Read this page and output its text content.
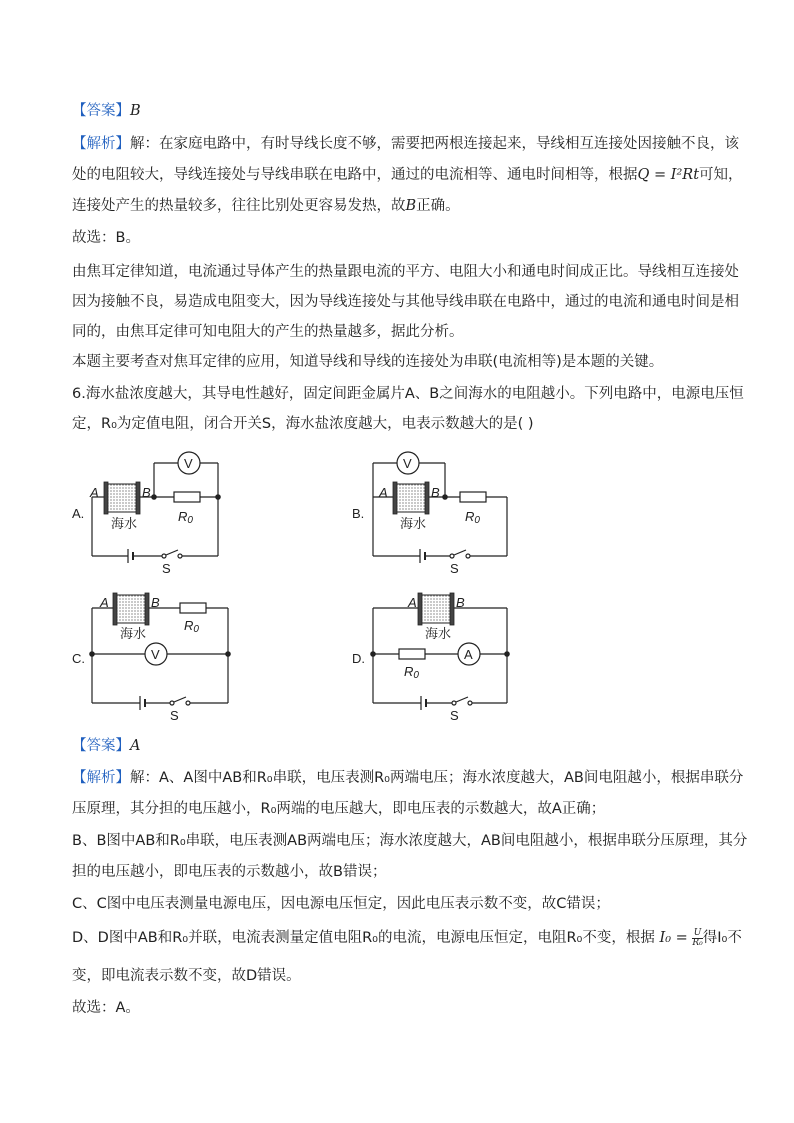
【答案】B
【解析】解：在家庭电路中，有时导线长度不够，需要把两根连接起来，导线相互连接处因接触不良，该
处的电阻较大，导线连接处与导线串联在电路中，通过的电流相等、通电时间相等，根据Q = I²Rt可知，
连接处产生的热量较多，往往比别处更容易发热，故B正确。
故选：B。
由焦耳定律知道，电流通过导体产生的热量跟电流的平方、电阻大小和通电时间成正比。导线相互连接处
因为接触不良，易造成电阻变大，因为导线连接处与其他导线串联在电路中，通过的电流和通电时间是相
同的，由焦耳定律可知电阻大的产生的热量越多，据此分析。
本题主要考查对焦耳定律的应用，知道导线和导线的连接处为串联(电流相等)是本题的关键。
6.海水盐浓度越大，其导电性越好，固定间距金属片A、B之间海水的电阻越小。下列电路中，电源电压恒
定，R₀为定值电阻，闭合开关S，海水盐浓度越大，电表示数越大的是( )
A.	B.
C.	D.
A	B
海水	R0
S
V
A	B
海水	R0
S
V
A	B
海水
R0
S
V
A	B
海水
R0
S
A
【答案】A
【解析】解：A、A图中AB和R₀串联，电压表测R₀两端电压；海水浓度越大，AB间电阻越小，根据串联分
压原理，其分担的电压越小，R₀两端的电压越大，即电压表的示数越大，故A正确；
B、B图中AB和R₀串联，电压表测AB两端电压；海水浓度越大，AB间电阻越小，根据串联分压原理，其分
担的电压越小，即电压表的示数越小，故B错误；
C、C图中电压表测量电源电压，因电源电压恒定，因此电压表示数不变，故C错误；
D、D图中AB和R₀并联，电流表测量定值电阻R₀的电流，电源电压恒定，电阻R₀不变，根据 $I_0 = \frac{U}{\text{R₀}}$ 得I₀不
变，即电流表示数不变，故D错误。
故选：A。
